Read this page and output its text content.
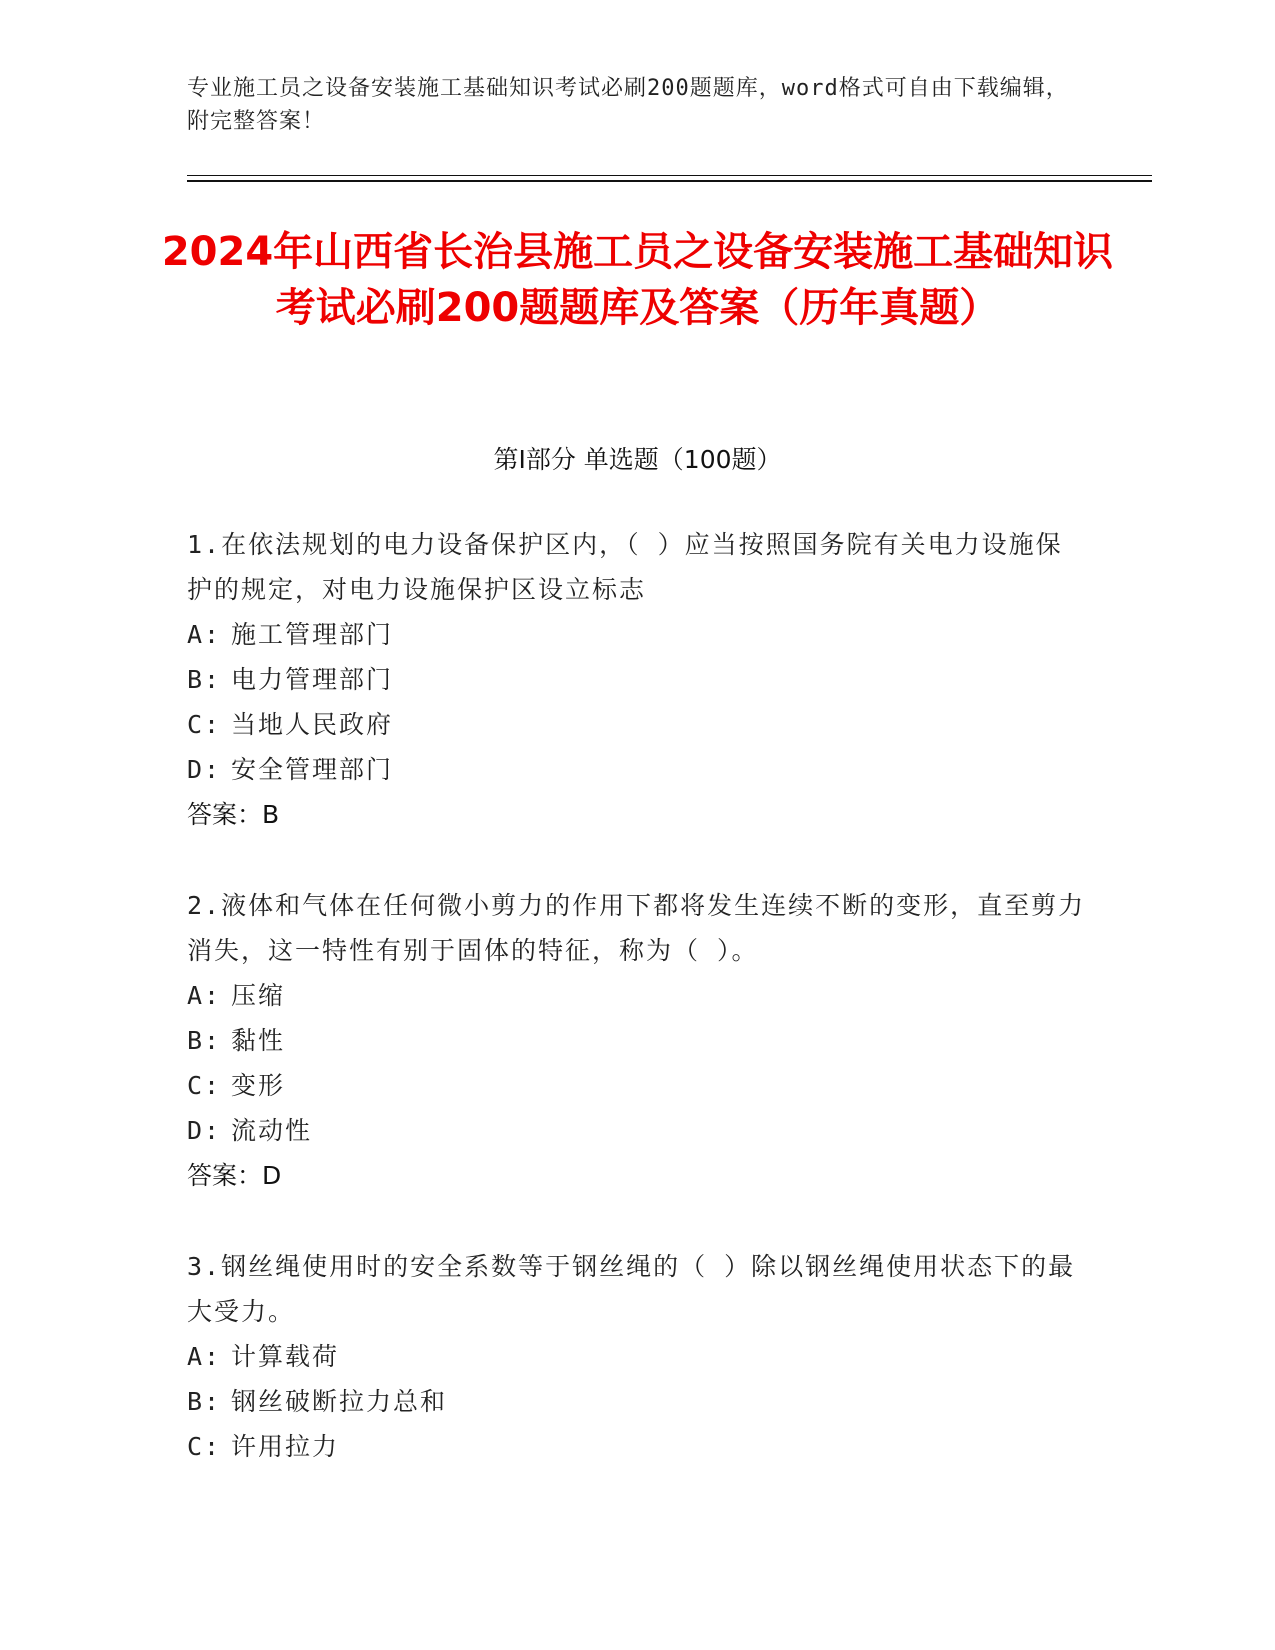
专业施工员之设备安装施工基础知识考试必刷200题题库，word格式可自由下载编辑，附完整答案！
2024年山西省长治县施工员之设备安装施工基础知识考试必刷200题题库及答案（历年真题）
第I部分 单选题（100题）
1.在依法规划的电力设备保护区内，（ ）应当按照国务院有关电力设施保护的规定，对电力设施保护区设立标志
A: 施工管理部门
B: 电力管理部门
C: 当地人民政府
D: 安全管理部门
答案：B
2.液体和气体在任何微小剪力的作用下都将发生连续不断的变形，直至剪力消失，这一特性有别于固体的特征，称为（ ）。
A: 压缩
B: 黏性
C: 变形
D: 流动性
答案：D
3.钢丝绳使用时的安全系数等于钢丝绳的（ ）除以钢丝绳使用状态下的最大受力。
A: 计算载荷
B: 钢丝破断拉力总和
C: 许用拉力
